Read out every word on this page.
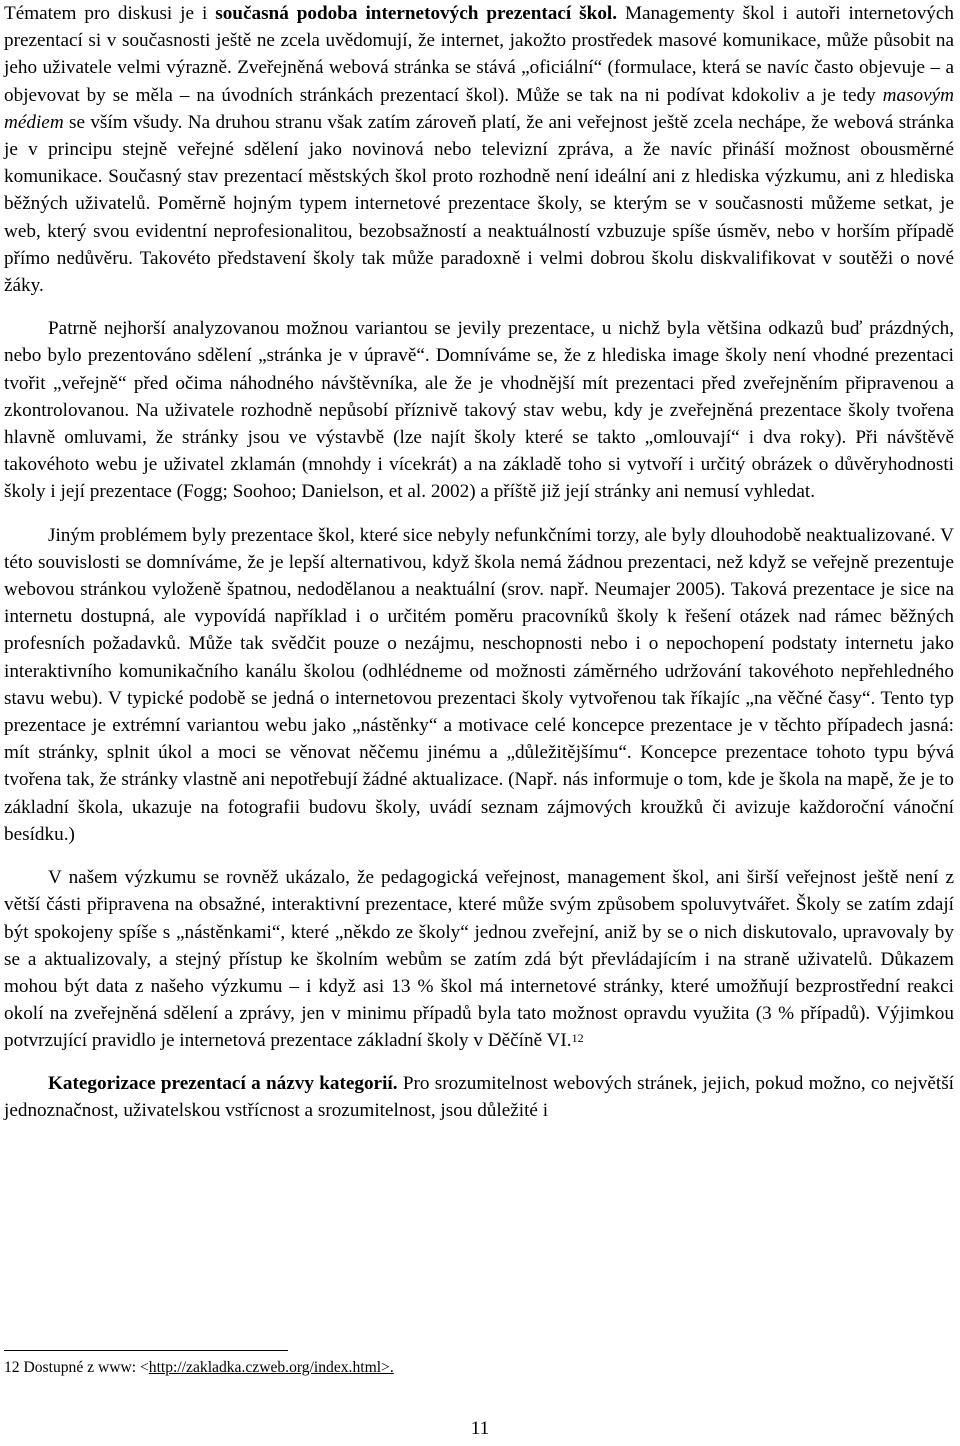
Tématem pro diskusi je i současná podoba internetových prezentací škol. Managementy škol i autoři internetových prezentací si v současnosti ještě ne zcela uvědomují, že internet, jakožto prostředek masové komunikace, může působit na jeho uživatele velmi výrazně. Zveřejněná webová stránka se stává „oficiální“ (formulace, která se navíc často objevuje – a objevovat by se měla – na úvodních stránkách prezentací škol). Může se tak na ni podívat kdokoliv a je tedy masovým médiem se vším všudy. Na druhou stranu však zatím zároveň platí, že ani veřejnost ještě zcela nechápe, že webová stránka je v principu stejně veřejné sdělení jako novinová nebo televizní zpráva, a že navíc přináší možnost obousměrné komunikace. Současný stav prezentací městských škol proto rozhodně není ideální ani z hlediska výzkumu, ani z hlediska běžných uživatelů. Poměrně hojným typem internetové prezentace školy, se kterým se v současnosti můžeme setkat, je web, který svou evidentní neprofesionalitou, bezobsažností a neaktuálností vzbuzuje spíše úsměv, nebo v horším případě přímo nedůvěru. Takovéto představení školy tak může paradoxně i velmi dobrou školu diskvalifikovat v soutěži o nové žáky.

Patrně nejhorší analyzovanou možnou variantou se jevily prezentace, u nichž byla většina odkazů buď prázdných, nebo bylo prezentováno sdělení „stránka je v úpravě“. Domníváme se, že z hlediska image školy není vhodné prezentaci tvořit „veřejně“ před očima náhodného návštěvníka, ale že je vhodnější mít prezentaci před zveřejněním připravenou a zkontrolovanou. Na uživatele rozhodně nepůsobí příznivě takový stav webu, kdy je zveřejněná prezentace školy tvořena hlavně omluvami, že stránky jsou ve výstavbě (lze najít školy které se takto „omlouvají“ i dva roky). Při návštěvě takovéhoto webu je uživatel zklamán (mnohdy i vícekrát) a na základě toho si vytvoří i určitý obrázek o důvěryhodnosti školy i její prezentace (Fogg; Soohoo; Danielson, et al. 2002) a příště již její stránky ani nemusí vyhledat.

Jiným problémem byly prezentace škol, které sice nebyly nefunkčními torzy, ale byly dlouhodobě neaktualizované. V této souvislosti se domníváme, že je lepší alternativou, když škola nemá žádnou prezentaci, než když se veřejně prezentuje webovou stránkou vyloženě špatnou, nedodělanou a neaktuální (srov. např. Neumajer 2005). Taková prezentace je sice na internetu dostupná, ale vypovídá například i o určitém poměru pracovníků školy k řešení otázek nad rámec běžných profesních požadavků. Může tak svědčit pouze o nezájmu, neschopnosti nebo i o nepochopení podstaty internetu jako interaktivního komunikačního kanálu školou (odhlédneme od možnosti záměrného udržování takovéhoto nepřehledného stavu webu). V typické podobě se jedná o internetovou prezentaci školy vytvořenou tak říkajíc „na věčné časy“. Tento typ prezentace je extrémní variantou webu jako „nástěnky“ a motivace celé koncepce prezentace je v těchto případech jasná: mít stránky, splnit úkol a moci se věnovat něčemu jinému a „důležitějšímu“. Koncepce prezentace tohoto typu bývá tvořena tak, že stránky vlastně ani nepotřebují žádné aktualizace. (Např. nás informuje o tom, kde je škola na mapě, že je to základní škola, ukazuje na fotografii budovu školy, uvádí seznam zájmových kroužků či avizuje každoroční vánoční besídku.)

V našem výzkumu se rovněž ukázalo, že pedagogická veřejnost, management škol, ani širší veřejnost ještě není z větší části připravena na obsažné, interaktivní prezentace, které může svým způsobem spoluvytvářet. Školy se zatím zdají být spokojeny spíše s „nástěnkami“, které „někdo ze školy“ jednou zveřejní, aniž by se o nich diskutovalo, upravovaly by se a aktualizovaly, a stejný přístup ke školním webům se zatím zdá být převládajícím i na straně uživatelů. Důkazem mohou být data z našeho výzkumu – i když asi 13 % škol má internetové stránky, které umožňují bezprostřední reakci okolí na zveřejněná sdělení a zprávy, jen v minimu případů byla tato možnost opravdu využita (3 % případů). Výjimkou potvrzující pravidlo je internetová prezentace základní školy v Děčíně VI.$^{12}$

Kategorizace prezentací a názvy kategorií. Pro srozumitelnost webových stránek, jejich, pokud možno, co největší jednoznačnost, uživatelskou vstřícnost a srozumitelnost, jsou důležité i

12 Dostupné z www: <http://zakladka.czweb.org/index.html>.
11
